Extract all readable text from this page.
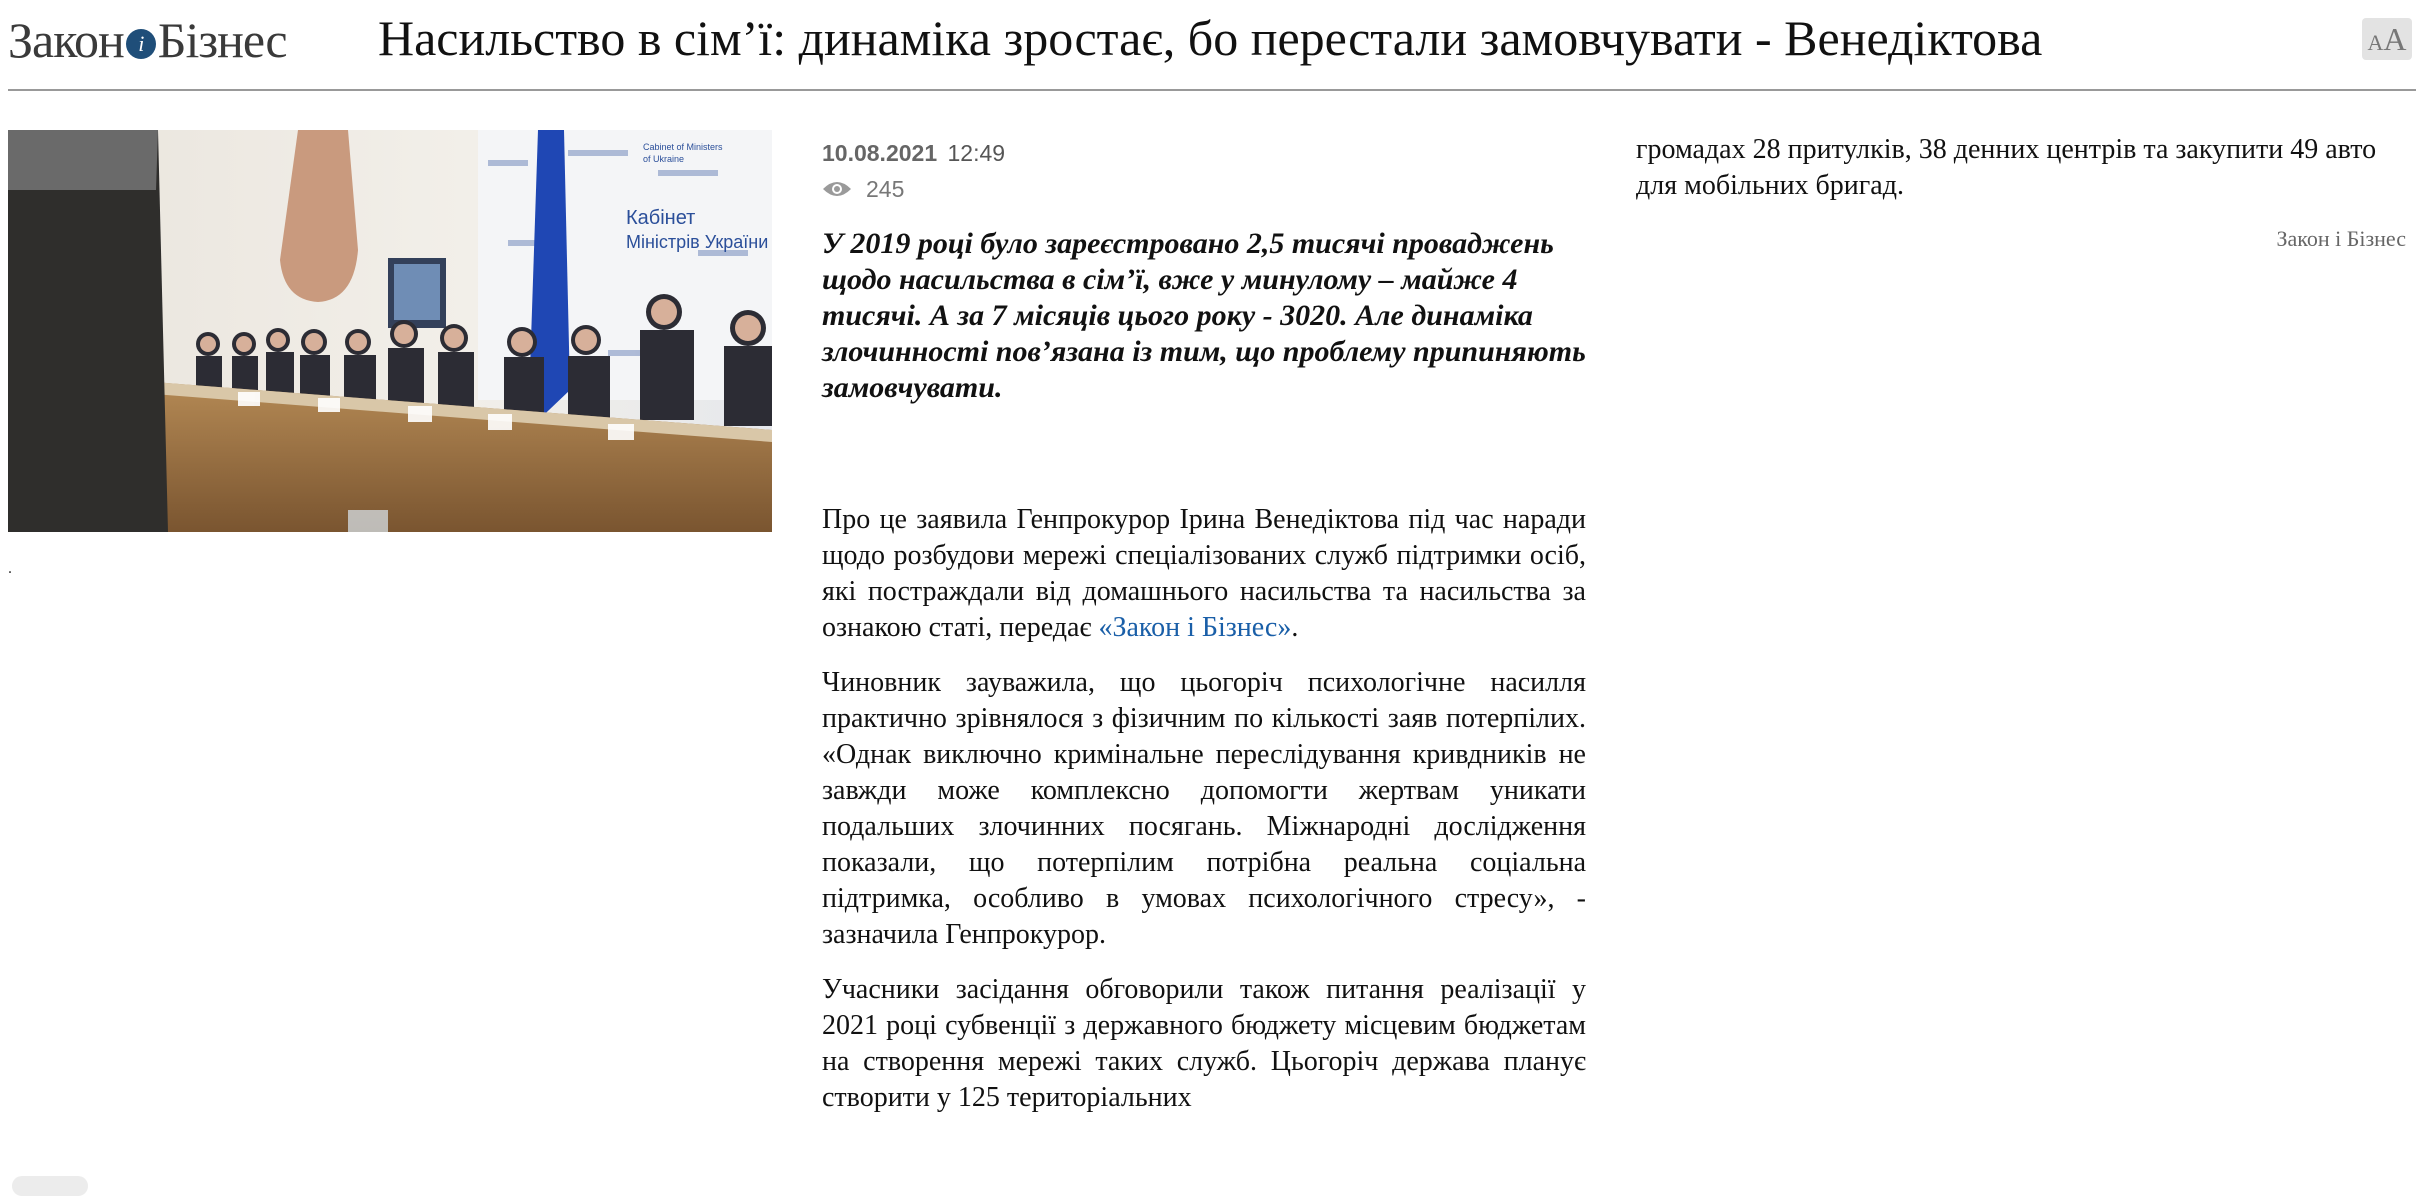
Закон і Бізнес Насильство в сім’ї: динаміка зростає, бо перестали замовчувати - Венедіктова	AA
Кабінет
Міністрів України
Cabinet of Ministers
of Ukraine
.
10.08.2021 12:49
245

У 2019 році було зареєстровано 2,5 тисячі проваджень щодо насильства в сім’ї, вже у минулому – майже 4 тисячі. А за 7 місяців цього року - 3020. Але динаміка злочинності пов’язана із тим, що проблему припиняють замовчувати.

Про це заявила Генпрокурор Ірина Венедіктова під час наради щодо розбудови мережі спеціалізованих служб підтримки осіб, які постраждали від домашнього насильства та насильства за ознакою статі, передає «Закон і Бізнес».

Чиновник зауважила, що цьогоріч психологічне насилля практично зрівнялося з фізичним по кількості заяв потерпілих. «Однак виключно кримінальне переслідування кривдників не завжди може комплексно допомогти жертвам уникати подальших злочинних посягань. Міжнародні дослідження показали, що потерпілим потрібна реальна соціальна підтримка, особливо в умовах психологічного стресу», - зазначила Генпрокурор.

Учасники засідання обговорили також питання реалізації у 2021 році субвенції з державного бюджету місцевим бюджетам на створення мережі таких служб. Цьогоріч держава планує створити у 125 територіальних

громадах 28 притулків, 38 денних центрів та закупити 49 авто для мобільних бригад.

Закон і Бізнес
